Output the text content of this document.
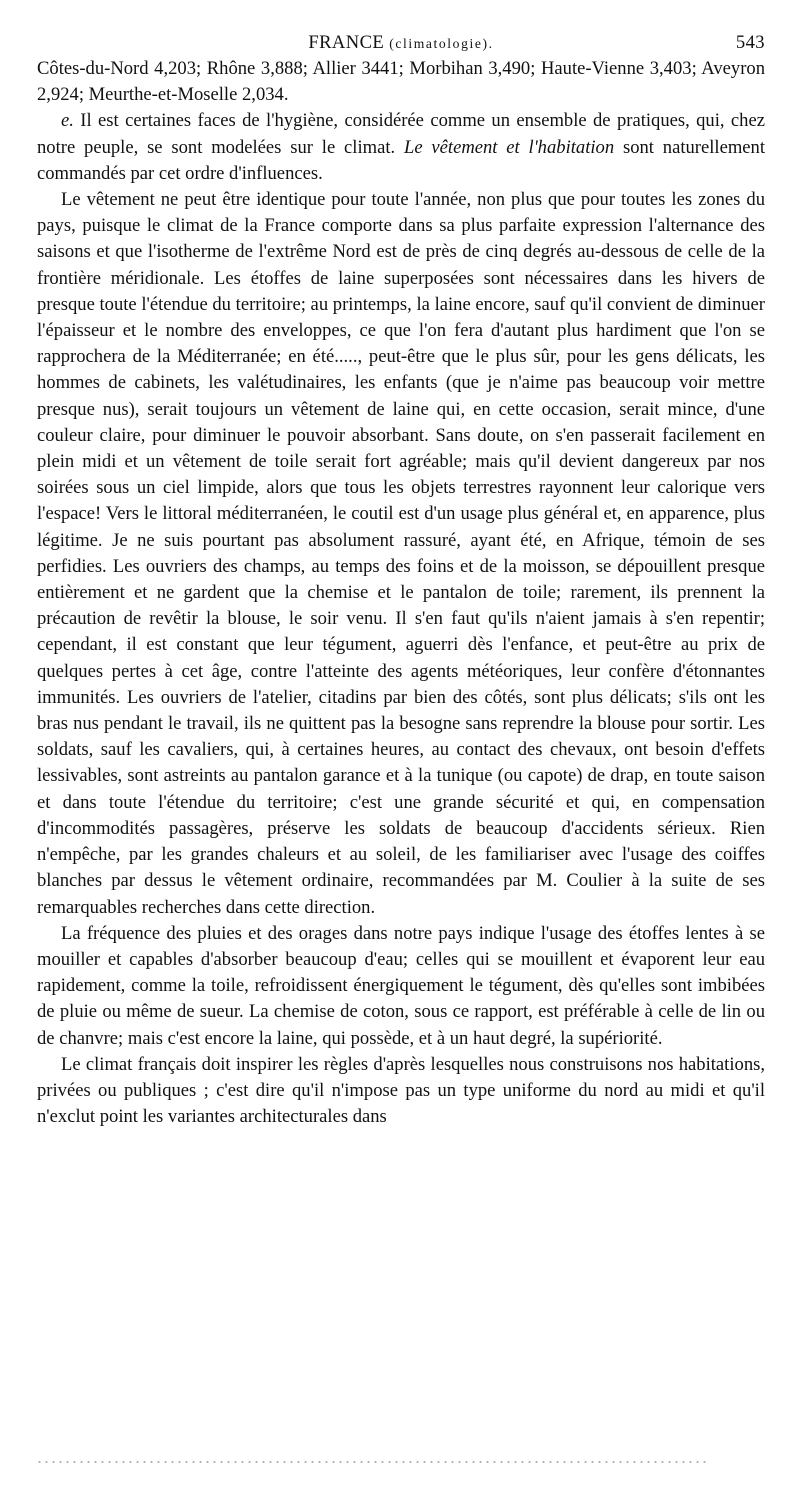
FRANCE (climatologie).	543

Côtes-du-Nord 4,203; Rhône 3,888; Allier 3441; Morbihan 3,490; Haute-Vienne 3,403; Aveyron 2,924; Meurthe-et-Moselle 2,034.

e. Il est certaines faces de l'hygiène, considérée comme un ensemble de pratiques, qui, chez notre peuple, se sont modelées sur le climat. Le vêtement et l'habitation sont naturellement commandés par cet ordre d'influences.

Le vêtement ne peut être identique pour toute l'année, non plus que pour toutes les zones du pays, puisque le climat de la France comporte dans sa plus parfaite expression l'alternance des saisons et que l'isotherme de l'extrême Nord est de près de cinq degrés au-dessous de celle de la frontière méridionale. Les étoffes de laine superposées sont nécessaires dans les hivers de presque toute l'étendue du territoire; au printemps, la laine encore, sauf qu'il convient de diminuer l'épaisseur et le nombre des enveloppes, ce que l'on fera d'autant plus hardiment que l'on se rapprochera de la Méditerranée; en été....., peut-être que le plus sûr, pour les gens délicats, les hommes de cabinets, les valétudinaires, les enfants (que je n'aime pas beaucoup voir mettre presque nus), serait toujours un vêtement de laine qui, en cette occasion, serait mince, d'une couleur claire, pour diminuer le pouvoir absorbant. Sans doute, on s'en passerait facilement en plein midi et un vêtement de toile serait fort agréable; mais qu'il devient dangereux par nos soirées sous un ciel limpide, alors que tous les objets terrestres rayonnent leur calorique vers l'espace! Vers le littoral méditerranéen, le coutil est d'un usage plus général et, en apparence, plus légitime. Je ne suis pourtant pas absolument rassuré, ayant été, en Afrique, témoin de ses perfidies. Les ouvriers des champs, au temps des foins et de la moisson, se dépouillent presque entièrement et ne gardent que la chemise et le pantalon de toile; rarement, ils prennent la précaution de revêtir la blouse, le soir venu. Il s'en faut qu'ils n'aient jamais à s'en repentir; cependant, il est constant que leur tégument, aguerri dès l'enfance, et peut-être au prix de quelques pertes à cet âge, contre l'atteinte des agents météoriques, leur confère d'étonnantes immunités. Les ouvriers de l'atelier, citadins par bien des côtés, sont plus délicats; s'ils ont les bras nus pendant le travail, ils ne quittent pas la besogne sans reprendre la blouse pour sortir. Les soldats, sauf les cavaliers, qui, à certaines heures, au contact des chevaux, ont besoin d'effets lessivables, sont astreints au pantalon garance et à la tunique (ou capote) de drap, en toute saison et dans toute l'étendue du territoire; c'est une grande sécurité et qui, en compensation d'incommodités passagères, préserve les soldats de beaucoup d'accidents sérieux. Rien n'empêche, par les grandes chaleurs et au soleil, de les familiariser avec l'usage des coiffes blanches par dessus le vêtement ordinaire, recommandées par M. Coulier à la suite de ses remarquables recherches dans cette direction.

La fréquence des pluies et des orages dans notre pays indique l'usage des étoffes lentes à se mouiller et capables d'absorber beaucoup d'eau; celles qui se mouillent et évaporent leur eau rapidement, comme la toile, refroidissent énergiquement le tégument, dès qu'elles sont imbibées de pluie ou même de sueur. La chemise de coton, sous ce rapport, est préférable à celle de lin ou de chanvre; mais c'est encore la laine, qui possède, et à un haut degré, la supériorité.

Le climat français doit inspirer les règles d'après lesquelles nous construisons nos habitations, privées ou publiques ; c'est dire qu'il n'impose pas un type uniforme du nord au midi et qu'il n'exclut point les variantes architecturales dans
